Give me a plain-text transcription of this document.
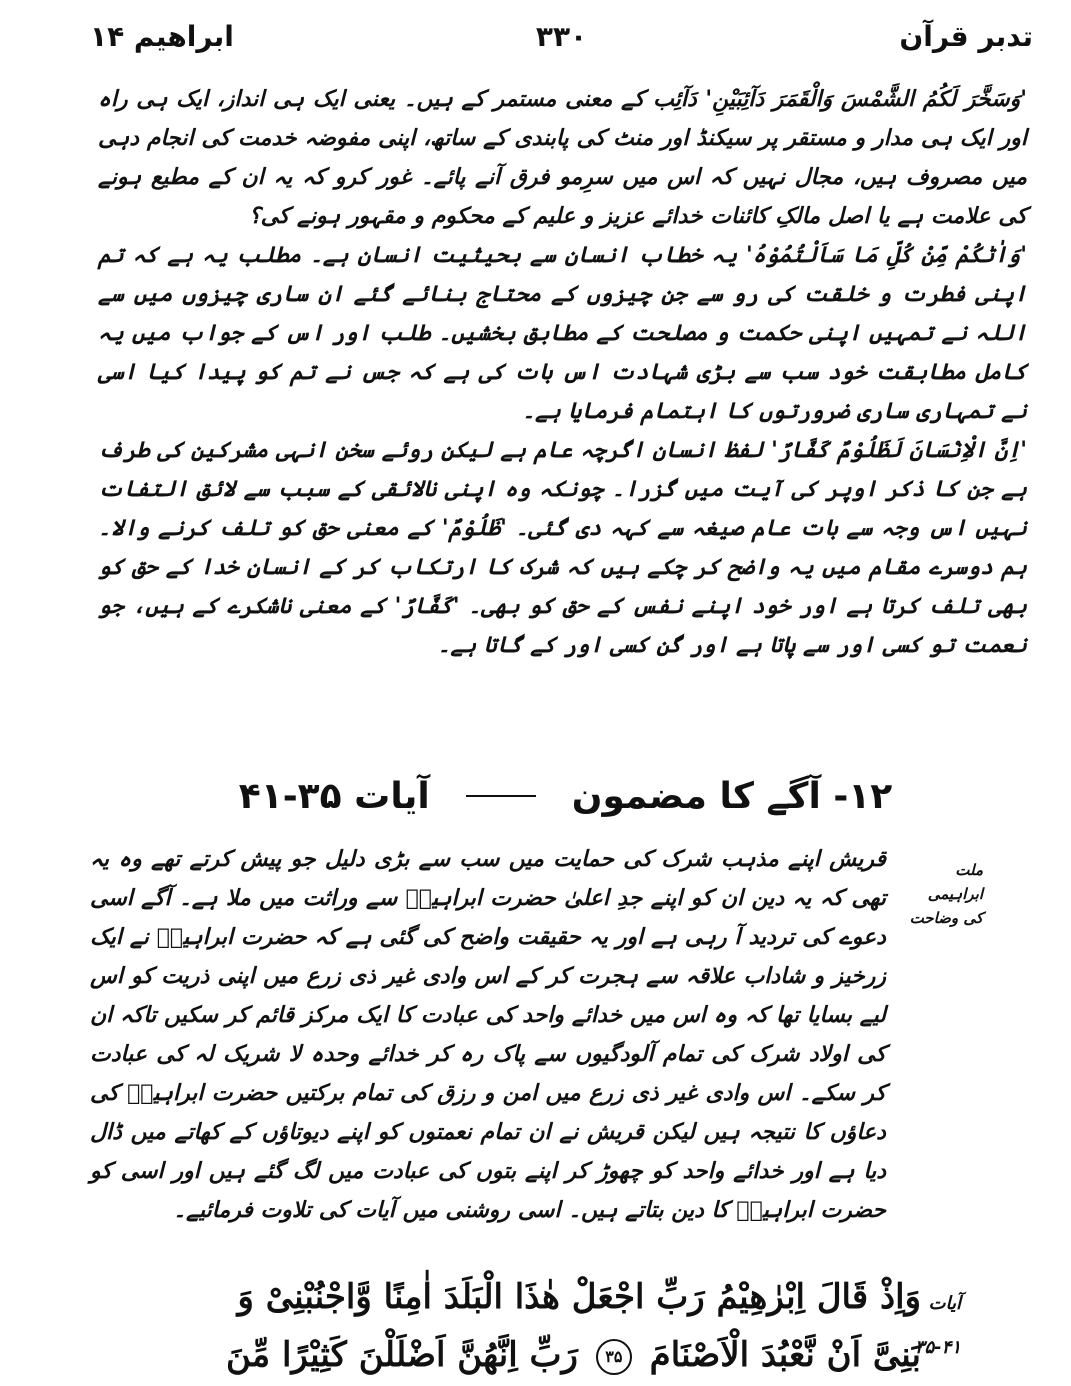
تدبر قرآن
۳۳۰
ابراھیم ۱۴

'وَسَخَّرَ لَكُمُ الشَّمْسَ وَالْقَمَرَ دَآئِبَيْنِ' دَآئِب کے معنی مستمر کے ہیں۔ یعنی ایک ہی انداز، ایک ہی راہ اور ایک ہی مدار و مستقر پر سیکنڈ اور منٹ کی پابندی کے ساتھ، اپنی مفوضہ خدمت کی انجام دہی میں مصروف ہیں، مجال نہیں کہ اس میں سرِمو فرق آنے پائے۔ غور کرو کہ یہ ان کے مطیع ہونے کی علامت ہے یا اصل مالکِ کائنات خدائے عزیز و علیم کے محکوم و مقہور ہونے کی؟

'وَاٰتٰكُمْ مِّنْ كُلِّ مَا سَاَلْتُمُوْهُ' یہ خطاب انسان سے بحیثیت انسان ہے۔ مطلب یہ ہے کہ تم اپنی فطرت و خلقت کی رو سے جن چیزوں کے محتاج بنائے گئے ان ساری چیزوں میں سے اللہ نے تمہیں اپنی حکمت و مصلحت کے مطابق بخشیں۔ طلب اور اس کے جواب میں یہ کامل مطابقت خود سب سے بڑی شہادت اس بات کی ہے کہ جس نے تم کو پیدا کیا اسی نے تمہاری ساری ضرورتوں کا اہتمام فرمایا ہے۔

'اِنَّ الْاِنْسَانَ لَظَلُوْمٌ كَفَّارٌ' لفظ انسان اگرچہ عام ہے لیکن روئے سخن انہی مشرکین کی طرف ہے جن کا ذکر اوپر کی آیت میں گزرا۔ چونکہ وہ اپنی نالائقی کے سبب سے لائق التفات نہیں اس وجہ سے بات عام صیغہ سے کہہ دی گئی۔ 'ظَلُوْمٌ' کے معنی حق کو تلف کرنے والا۔ ہم دوسرے مقام میں یہ واضح کر چکے ہیں کہ شرک کا ارتکاب کر کے انسان خدا کے حق کو بھی تلف کرتا ہے اور خود اپنے نفس کے حق کو بھی۔ 'كَفَّارٌ' کے معنی ناشکرے کے ہیں، جو نعمت تو کسی اور سے پاتا ہے اور گن کسی اور کے گاتا ہے۔

۱۲- آگے کا مضمون
آیات ۳۵-۴۱
ملت ابراہیمی
کی وضاحت

قریش اپنے مذہب شرک کی حمایت میں سب سے بڑی دلیل جو پیش کرتے تھے وہ یہ تھی کہ یہ دین ان کو اپنے جدِ اعلیٰ حضرت ابراہیمؑ سے وراثت میں ملا ہے۔ آگے اسی دعوے کی تردید آ رہی ہے اور یہ حقیقت واضح کی گئی ہے کہ حضرت ابراہیمؑ نے ایک زرخیز و شاداب علاقہ سے ہجرت کر کے اس وادی غیر ذی زرع میں اپنی ذریت کو اس لیے بسایا تھا کہ وہ اس میں خدائے واحد کی عبادت کا ایک مرکز قائم کر سکیں تاکہ ان کی اولاد شرک کی تمام آلودگیوں سے پاک رہ کر خدائے وحدہ لا شریک لہ کی عبادت کر سکے۔ اس وادی غیر ذی زرع میں امن و رزق کی تمام برکتیں حضرت ابراہیمؑ کی دعاؤں کا نتیجہ ہیں لیکن قریش نے ان تمام نعمتوں کو اپنے دیوتاؤں کے کھاتے میں ڈال دیا ہے اور خدائے واحد کو چھوڑ کر اپنے بتوں کی عبادت میں لگ گئے ہیں اور اسی کو حضرت ابراہیمؑ کا دین بتاتے ہیں۔ اسی روشنی میں آیات کی تلاوت فرمائیے۔

آیات
۳۵-۴۱
وَاِذْ قَالَ اِبْرٰهِيْمُ رَبِّ اجْعَلْ هٰذَا الْبَلَدَ اٰمِنًا وَّاجْنُبْنِىْ وَ
بَنِىَّ اَنْ نَّعْبُدَ الْاَصْنَامَ ۳۵ رَبِّ اِنَّهُنَّ اَضْلَلْنَ كَثِيْرًا مِّنَ
